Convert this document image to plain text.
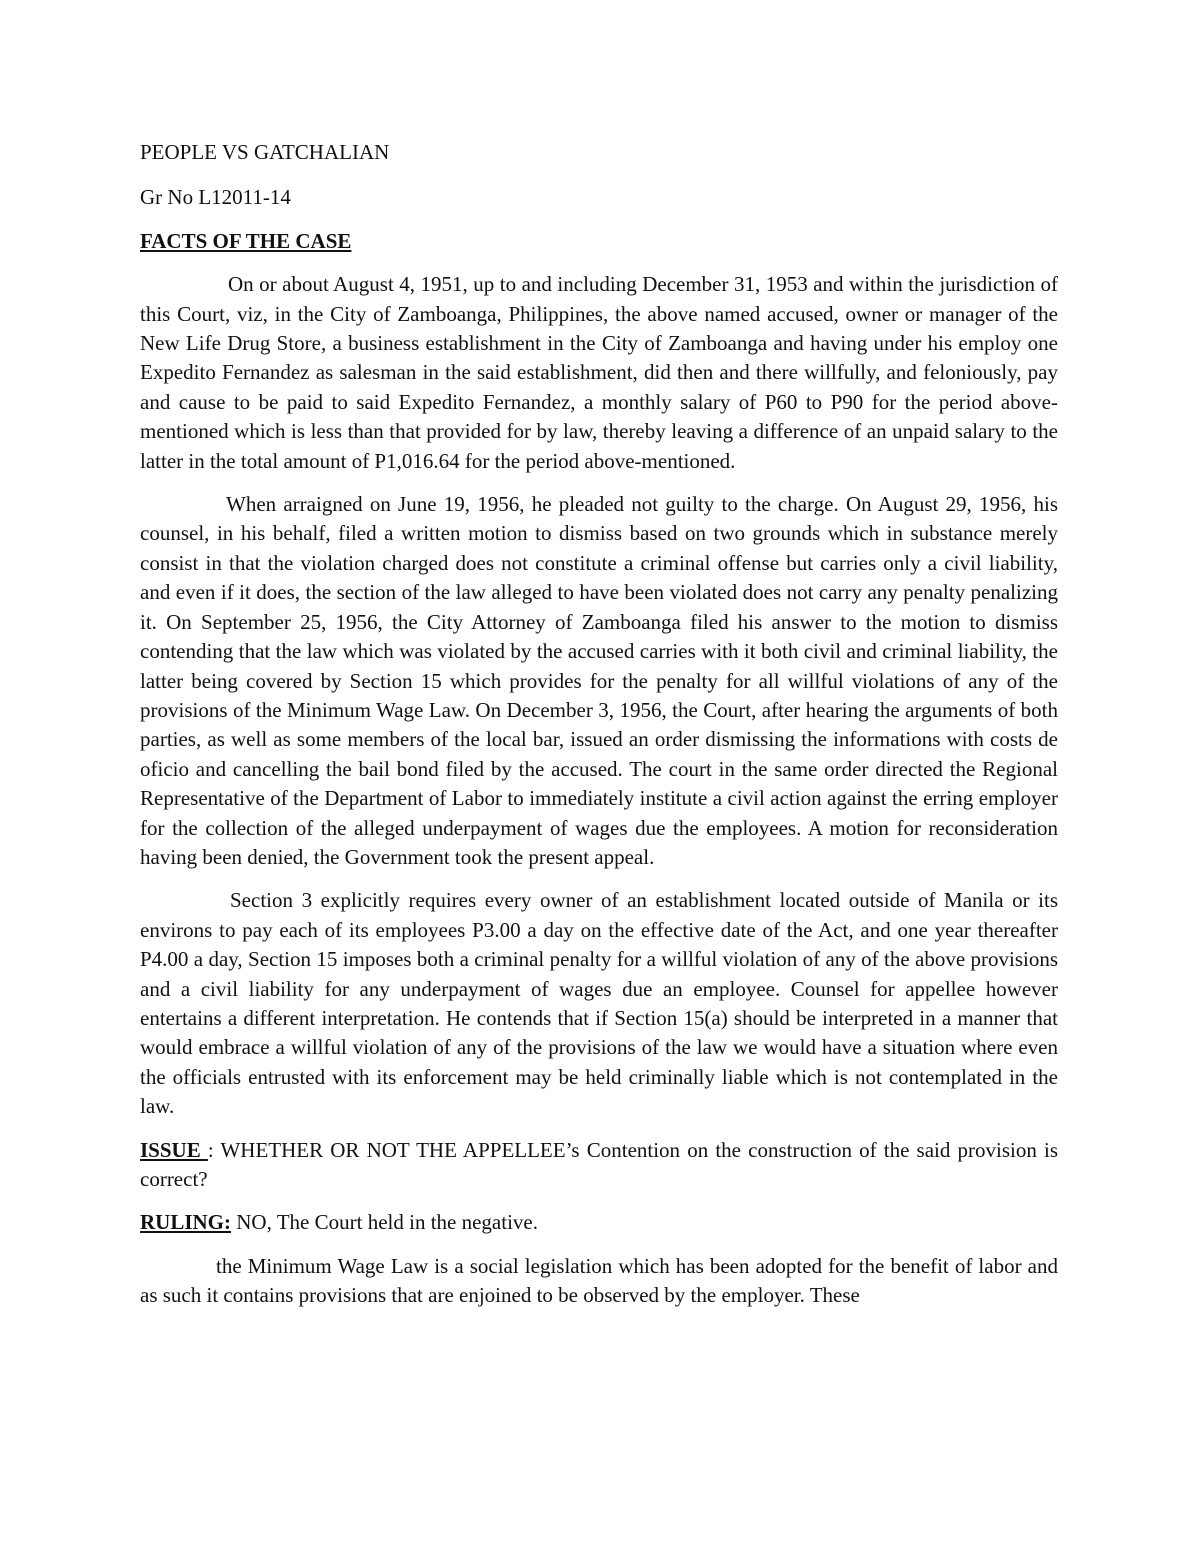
PEOPLE VS GATCHALIAN

Gr No L12011-14

FACTS OF THE CASE

On or about August 4, 1951, up to and including December 31, 1953 and within the jurisdiction of this Court, viz, in the City of Zamboanga, Philippines, the above named accused, owner or manager of the New Life Drug Store, a business establishment in the City of Zamboanga and having under his employ one Expedito Fernandez as salesman in the said establishment, did then and there willfully, and feloniously, pay and cause to be paid to said Expedito Fernandez, a monthly salary of P60 to P90 for the period above-mentioned which is less than that provided for by law, thereby leaving a difference of an unpaid salary to the latter in the total amount of P1,016.64 for the period above-mentioned.

When arraigned on June 19, 1956, he pleaded not guilty to the charge. On August 29, 1956, his counsel, in his behalf, filed a written motion to dismiss based on two grounds which in substance merely consist in that the violation charged does not constitute a criminal offense but carries only a civil liability, and even if it does, the section of the law alleged to have been violated does not carry any penalty penalizing it. On September 25, 1956, the City Attorney of Zamboanga filed his answer to the motion to dismiss contending that the law which was violated by the accused carries with it both civil and criminal liability, the latter being covered by Section 15 which provides for the penalty for all willful violations of any of the provisions of the Minimum Wage Law. On December 3, 1956, the Court, after hearing the arguments of both parties, as well as some members of the local bar, issued an order dismissing the informations with costs de oficio and cancelling the bail bond filed by the accused. The court in the same order directed the Regional Representative of the Department of Labor to immediately institute a civil action against the erring employer for the collection of the alleged underpayment of wages due the employees. A motion for reconsideration having been denied, the Government took the present appeal.

Section 3 explicitly requires every owner of an establishment located outside of Manila or its environs to pay each of its employees P3.00 a day on the effective date of the Act, and one year thereafter P4.00 a day, Section 15 imposes both a criminal penalty for a willful violation of any of the above provisions and a civil liability for any underpayment of wages due an employee. Counsel for appellee however entertains a different interpretation. He contends that if Section 15(a) should be interpreted in a manner that would embrace a willful violation of any of the provisions of the law we would have a situation where even the officials entrusted with its enforcement may be held criminally liable which is not contemplated in the law.

ISSUE : WHETHER OR NOT THE APPELLEE’s Contention on the construction of the said provision is correct?

RULING: NO, The Court held in the negative.

the Minimum Wage Law is a social legislation which has been adopted for the benefit of labor and as such it contains provisions that are enjoined to be observed by the employer. These
